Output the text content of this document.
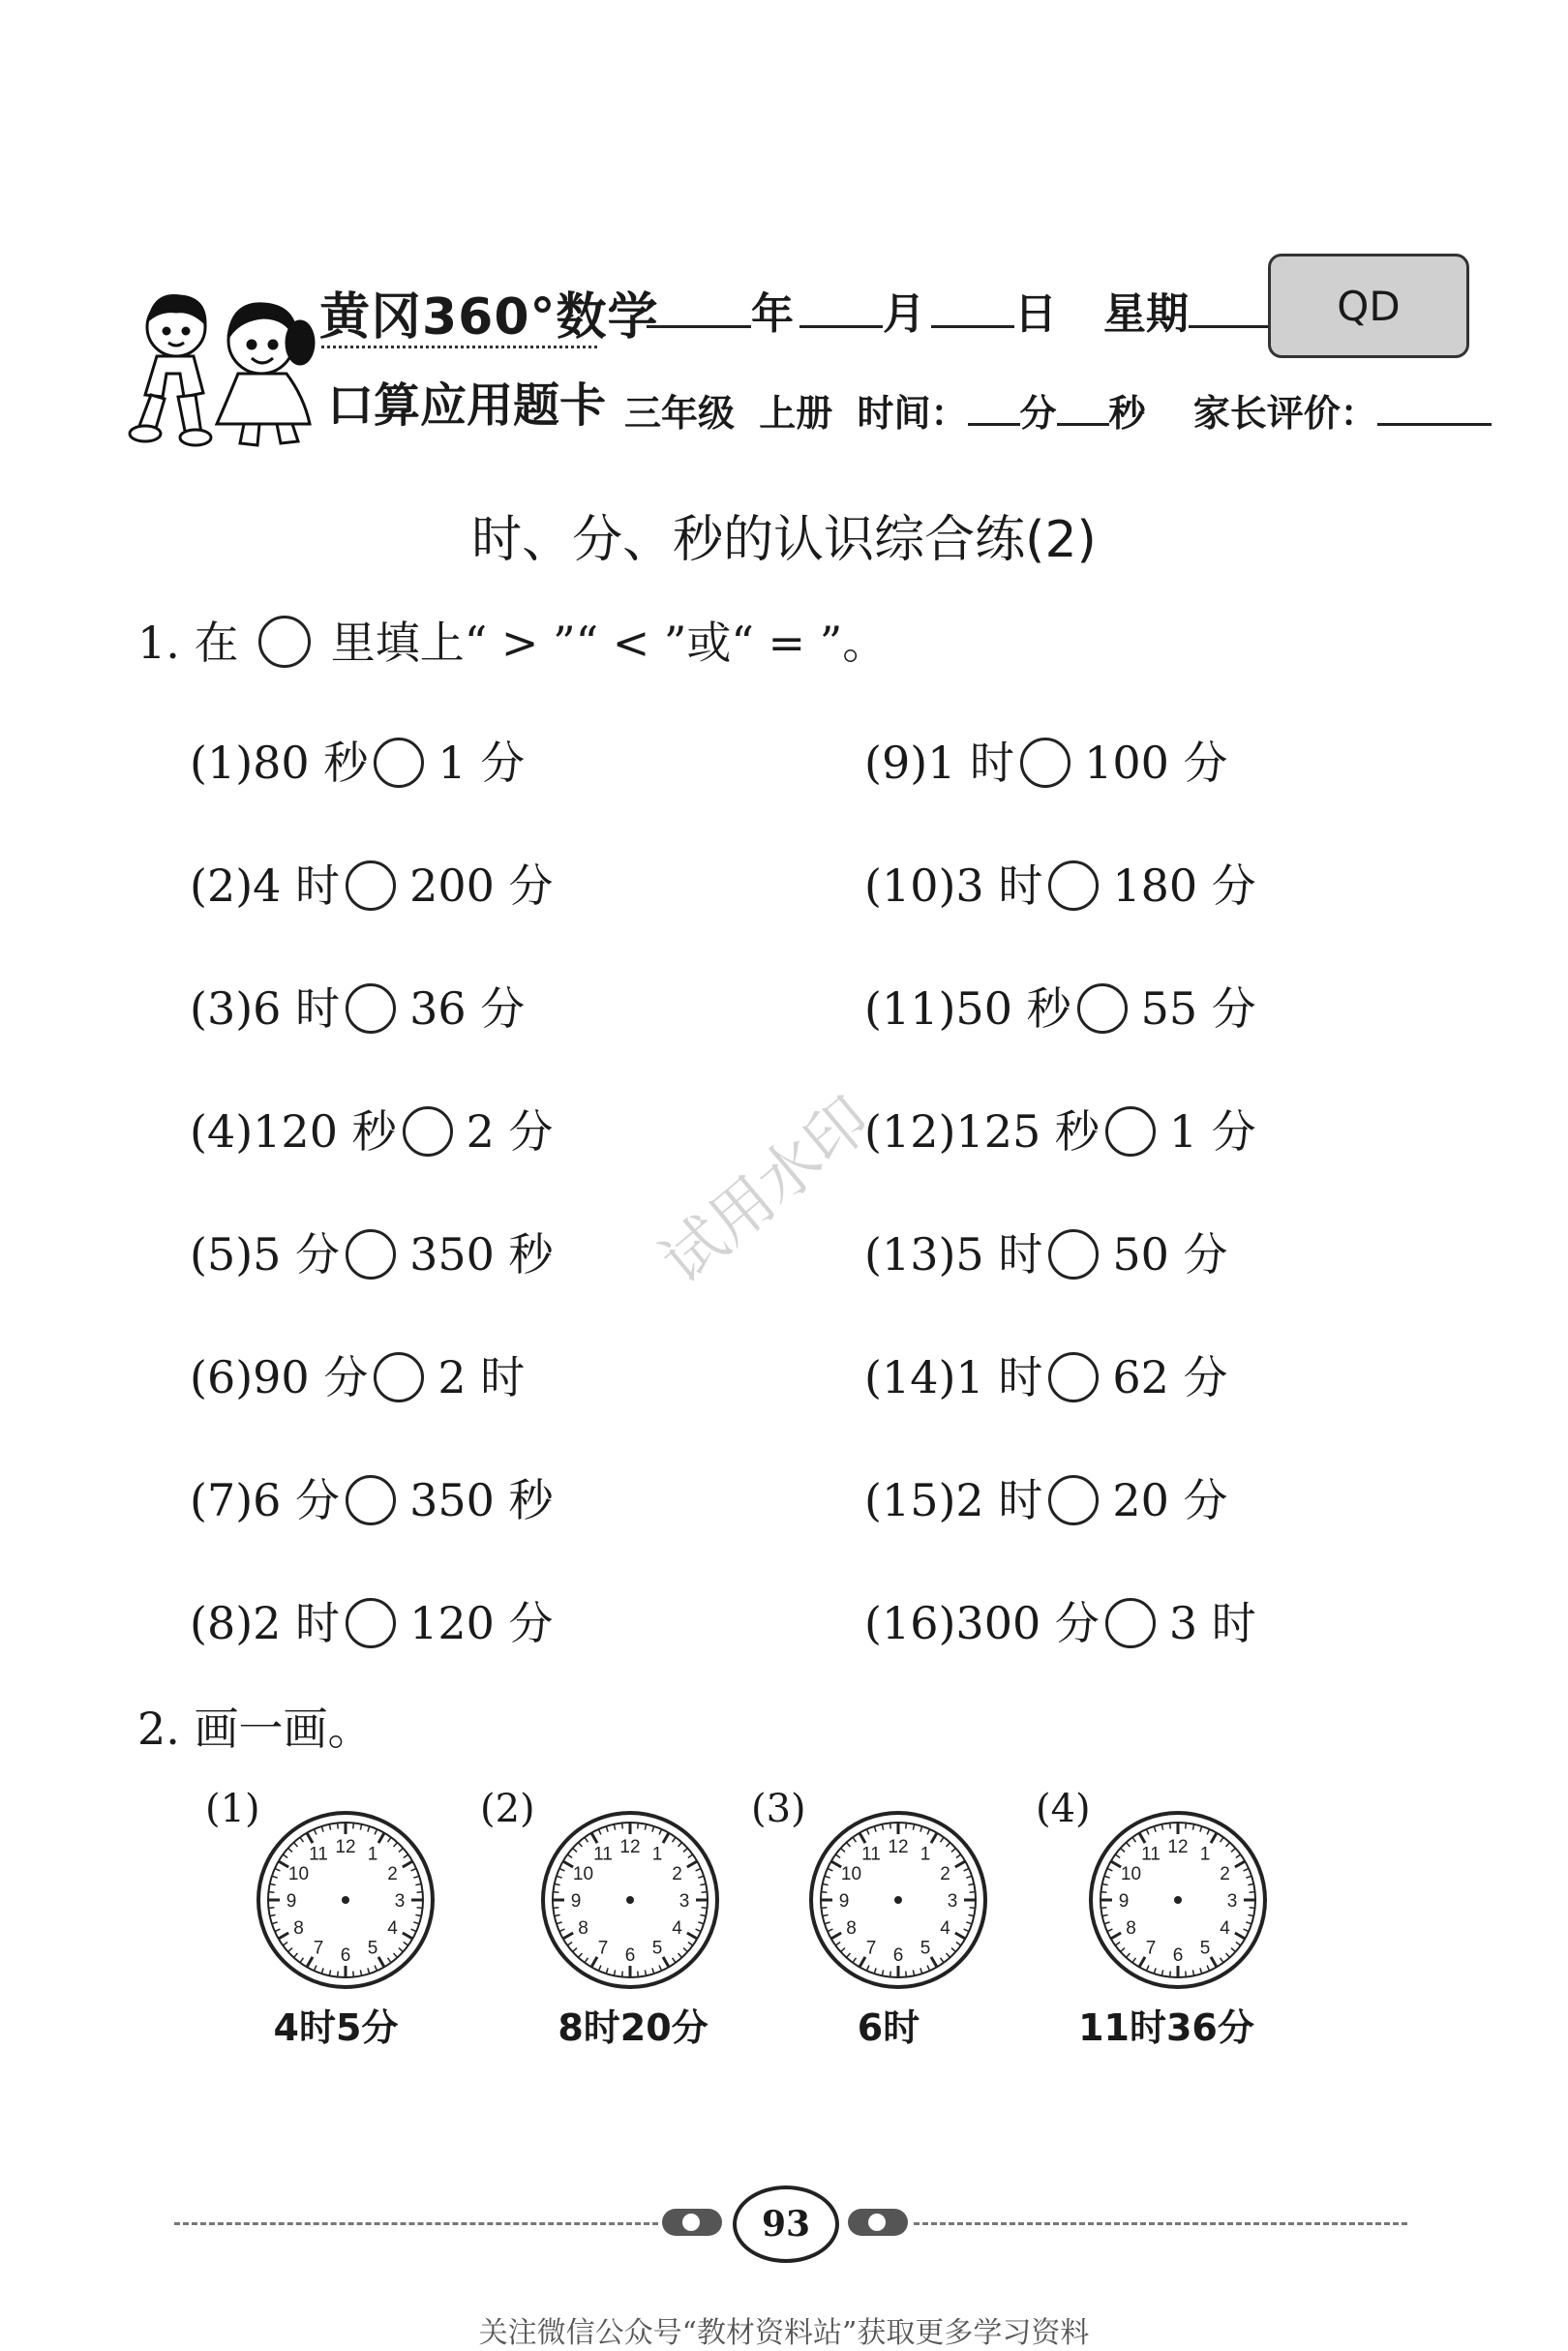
黄冈360°数学
口算应用题卡
年 月 日 星期	QD
三年级 上册 时间： 分 秒 家长评价：
时、分、秒的认识综合练(2)
1. 在 里填上“ > ”“ < ”或“ = ”。
试用水印
(1)80 秒 1 分
(2)4 时 200 分
(3)6 时 36 分
(4)120 秒 2 分
(5)5 分 350 秒
(6)90 分 2 时
(7)6 分 350 秒
(8)2 时 120 分
(9)1 时 100 分
(10)3 时 180 分
(11)50 秒 55 分
(12)125 秒 1 分
(13)5 时 50 分
(14)1 时 62 分
(15)2 时 20 分
(16)300 分 3 时
2. 画一画。
(1)
1
2
3
4
5
6
7
8
9
10
11 12
4时5分
(2)
1
2
3
4
5
6
7
8
9
10
11 12
8时20分
(3)
1
2
3
4
5
6
7
8
9
10
11 12
6时
(4)
1
2
3
4
5
6
7
8
9
10
11 12
11时36分
93
关注微信公众号“教材资料站”获取更多学习资料
